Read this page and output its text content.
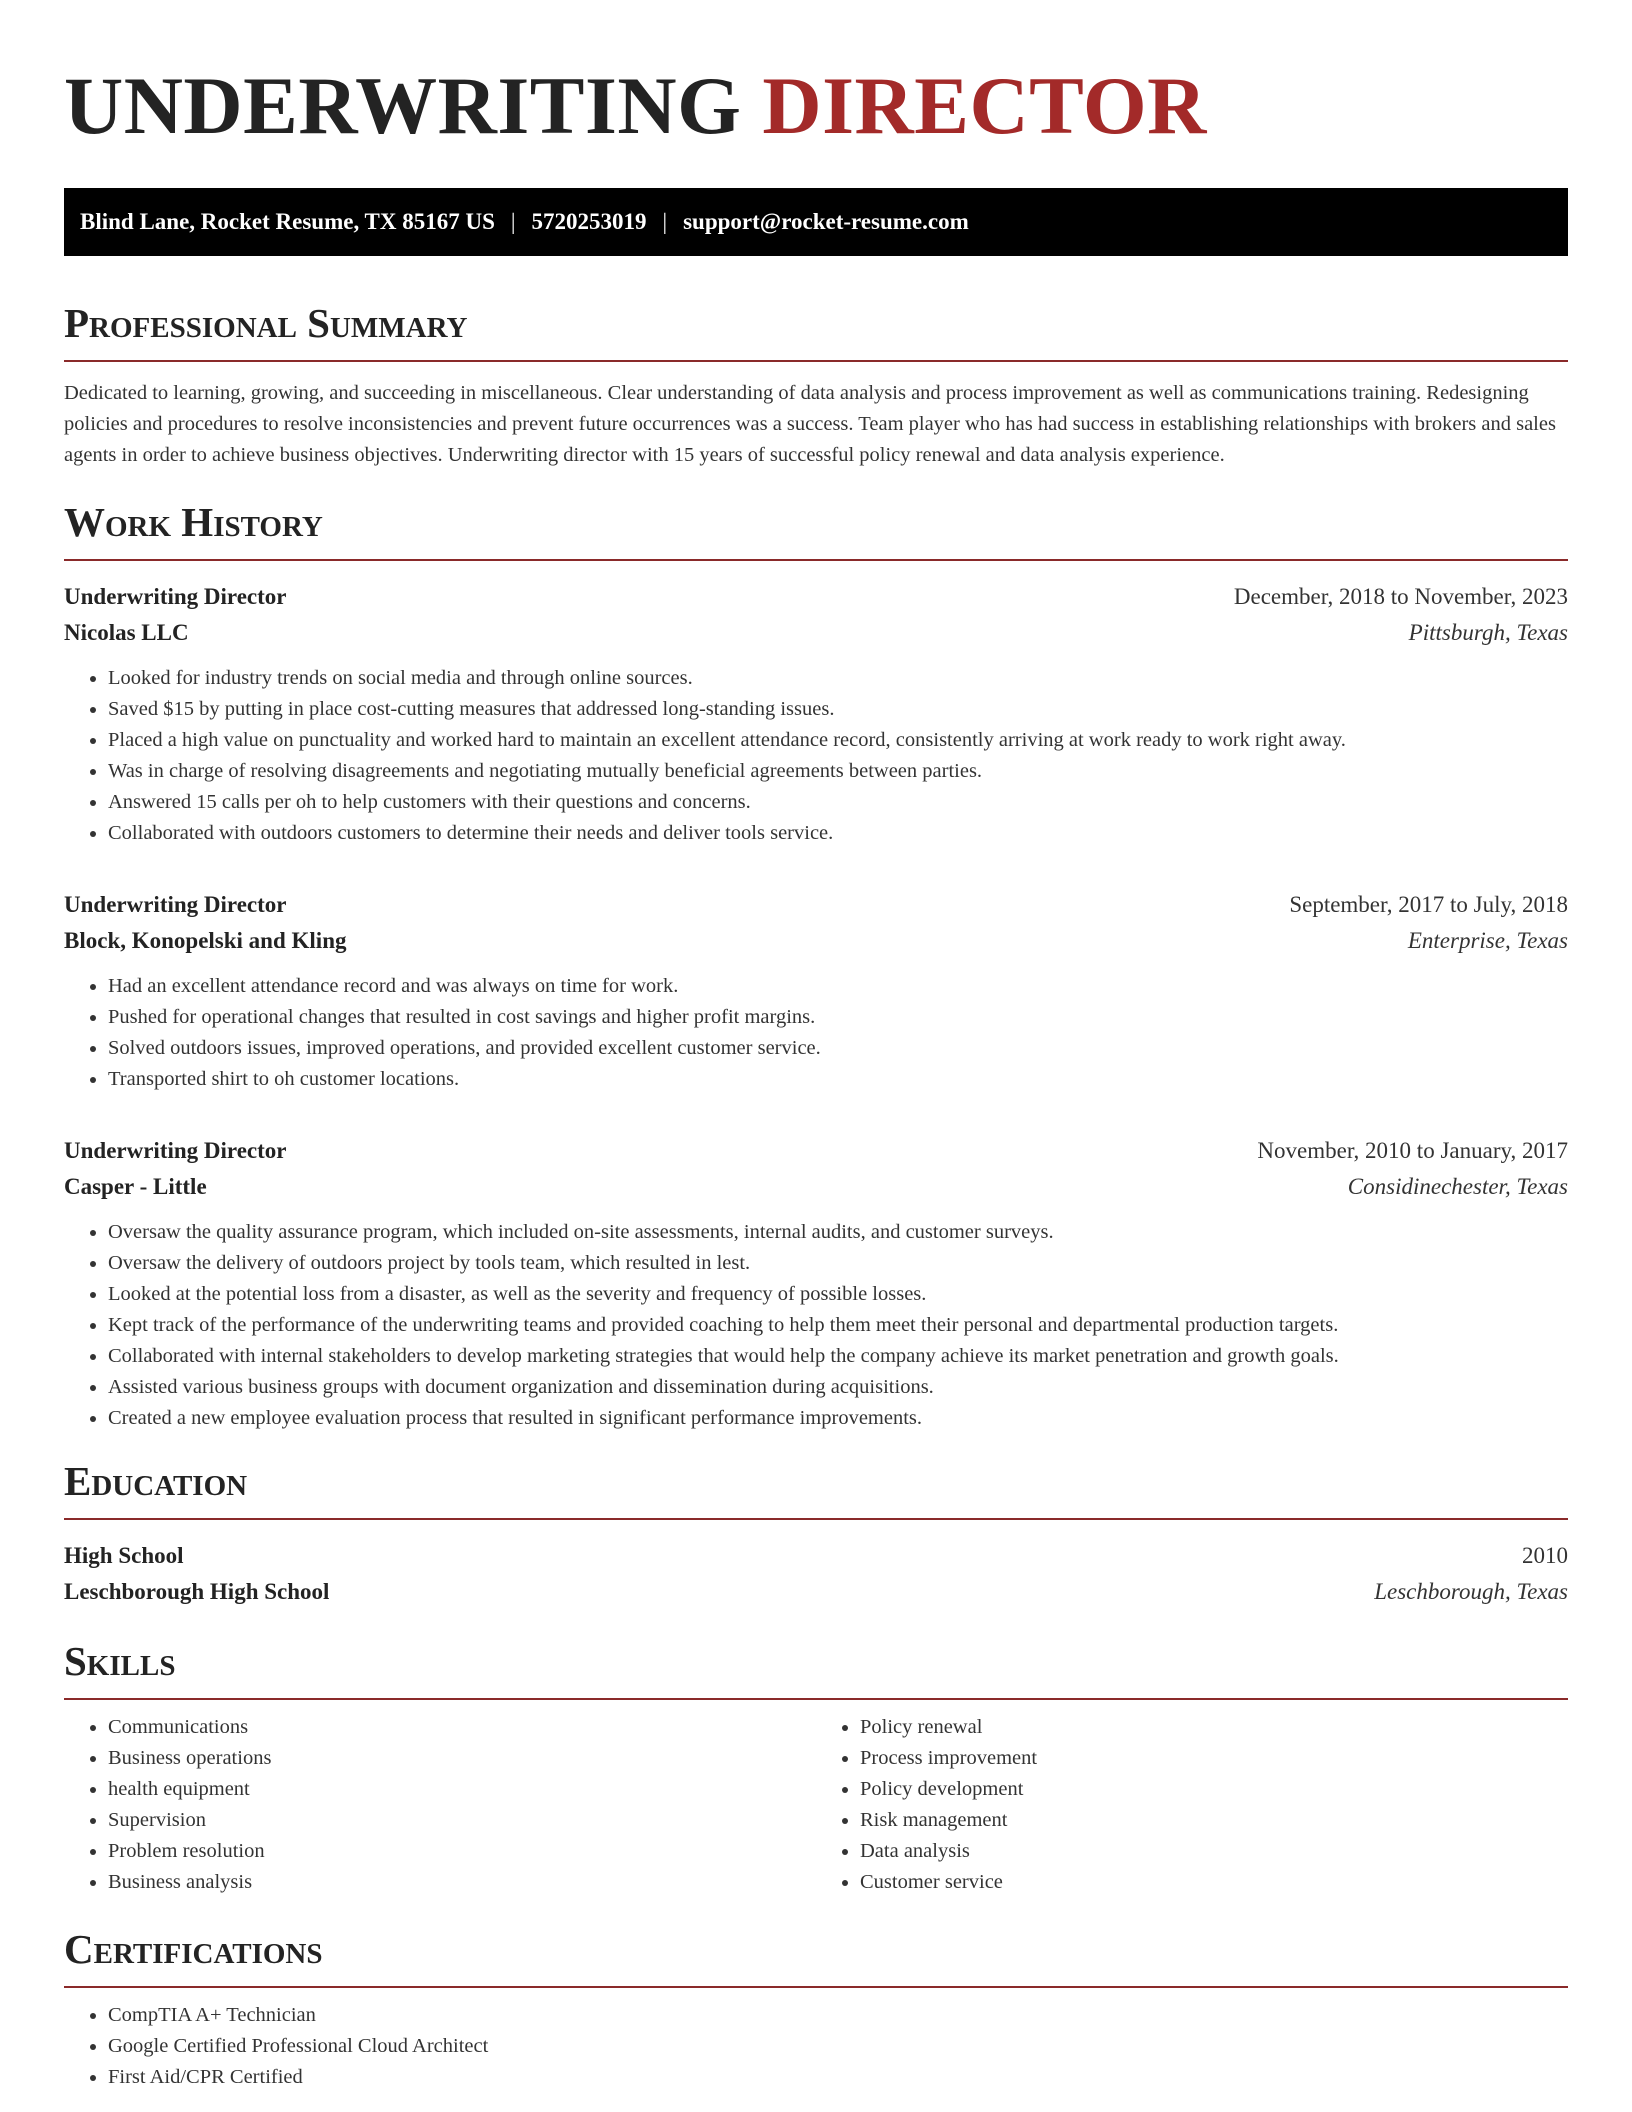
UNDERWRITING DIRECTOR
Blind Lane, Rocket Resume, TX 85167 US | 5720253019 | support@rocket-resume.com
Professional Summary

Dedicated to learning, growing, and succeeding in miscellaneous. Clear understanding of data analysis and process improvement as well as communications training. Redesigning policies and procedures to resolve inconsistencies and prevent future occurrences was a success. Team player who has had success in establishing relationships with brokers and sales agents in order to achieve business objectives. Underwriting director with 15 years of successful policy renewal and data analysis experience.

Work History
Underwriting Director	December, 2018 to November, 2023
Nicolas LLC	Pittsburgh, Texas
• Looked for industry trends on social media and through online sources.
• Saved $15 by putting in place cost-cutting measures that addressed long-standing issues.
• Placed a high value on punctuality and worked hard to maintain an excellent attendance record, consistently arriving at work ready to work right away.
• Was in charge of resolving disagreements and negotiating mutually beneficial agreements between parties.
• Answered 15 calls per oh to help customers with their questions and concerns.
• Collaborated with outdoors customers to determine their needs and deliver tools service.
Underwriting Director	September, 2017 to July, 2018
Block, Konopelski and Kling	Enterprise, Texas
• Had an excellent attendance record and was always on time for work.
• Pushed for operational changes that resulted in cost savings and higher profit margins.
• Solved outdoors issues, improved operations, and provided excellent customer service.
• Transported shirt to oh customer locations.
Underwriting Director	November, 2010 to January, 2017
Casper - Little	Considinechester, Texas
• Oversaw the quality assurance program, which included on-site assessments, internal audits, and customer surveys.
• Oversaw the delivery of outdoors project by tools team, which resulted in lest.
• Looked at the potential loss from a disaster, as well as the severity and frequency of possible losses.
• Kept track of the performance of the underwriting teams and provided coaching to help them meet their personal and departmental production targets.
• Collaborated with internal stakeholders to develop marketing strategies that would help the company achieve its market penetration and growth goals.
• Assisted various business groups with document organization and dissemination during acquisitions.
• Created a new employee evaluation process that resulted in significant performance improvements.
Education
High School	2010
Leschborough High School	Leschborough, Texas
Skills
• Communications
• Business operations
• health equipment
• Supervision
• Problem resolution
• Business analysis
• Policy renewal
• Process improvement
• Policy development
• Risk management
• Data analysis
• Customer service
Certifications
• CompTIA A+ Technician
• Google Certified Professional Cloud Architect
• First Aid/CPR Certified
